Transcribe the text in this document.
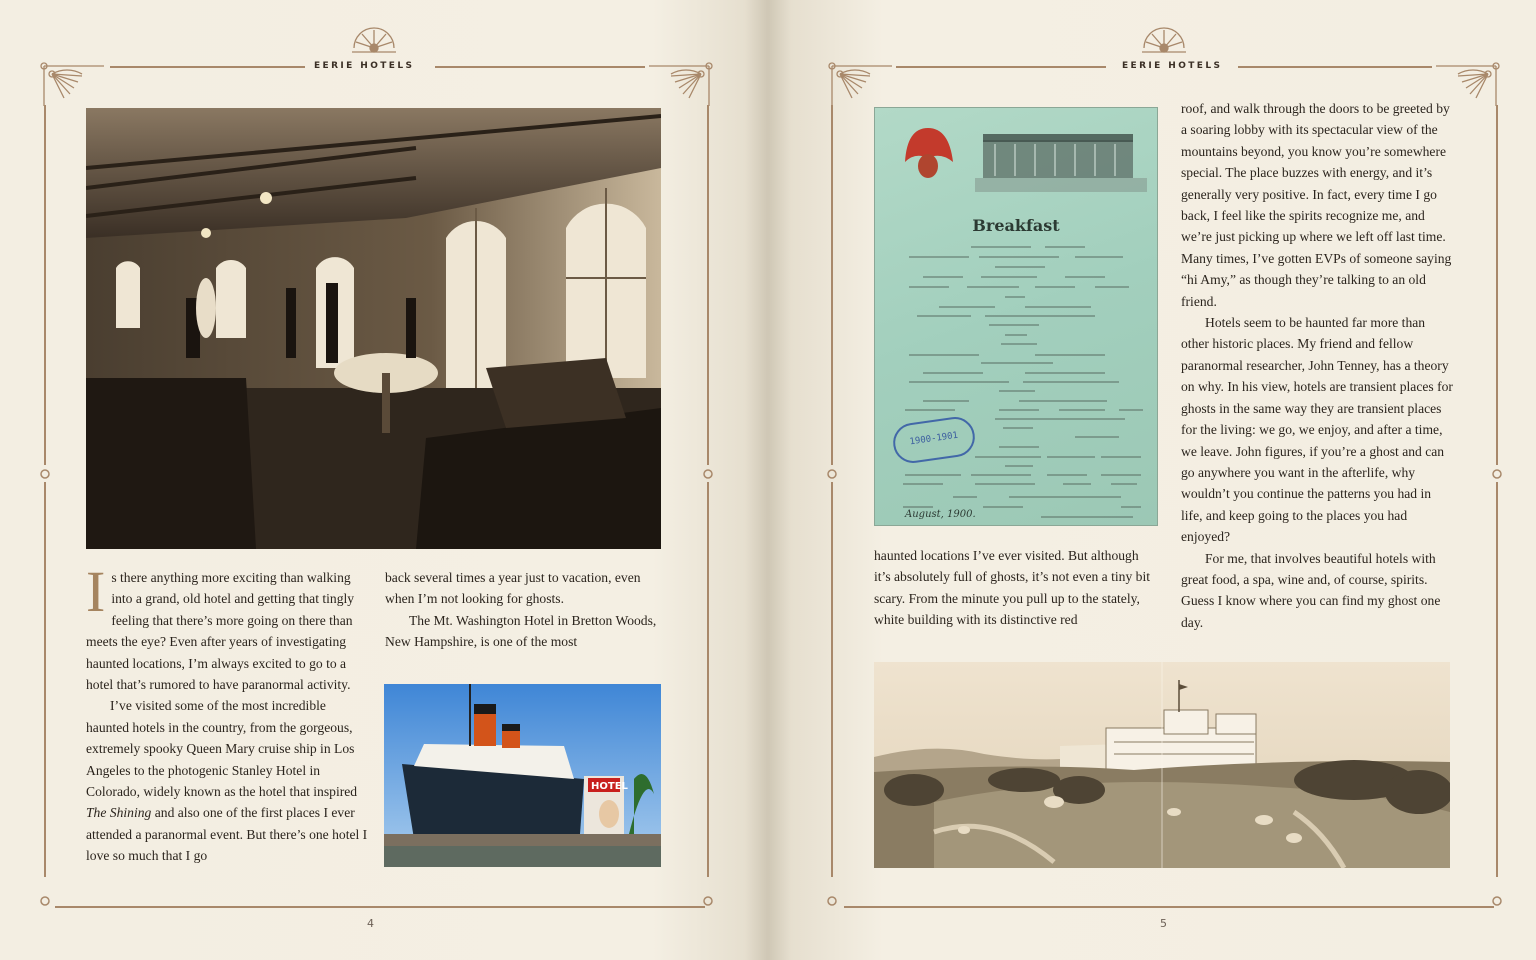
EERIE HOTELS

Is there anything more exciting than walking into a grand, old hotel and getting that tingly feeling that there’s more going on there than meets the eye? Even after years of investigating haunted locations, I’m always excited to go to a hotel that’s rumored to have paranormal activity.

I’ve visited some of the most incredible haunted hotels in the country, from the gorgeous, extremely spooky Queen Mary cruise ship in Los Angeles to the photogenic Stanley Hotel in Colorado, widely known as the hotel that inspired The Shining and also one of the first places I ever attended a paranormal event. But there’s one hotel I love so much that I go

back several times a year just to vacation, even when I’m not looking for ghosts.

The Mt. Washington Hotel in Bretton Woods, New Hampshire, is one of the most

HOTEL
4
EERIE HOTELS

haunted locations I’ve ever visited. But although it’s absolutely full of ghosts, it’s not even a tiny bit scary. From the minute you pull up to the stately, white building with its distinctive red

roof, and walk through the doors to be greeted by a soaring lobby with its spectacular view of the mountains beyond, you know you’re somewhere special. The place buzzes with energy, and it’s generally very positive. In fact, every time I go back, I feel like the spirits recognize me, and we’re just picking up where we left off last time. Many times, I’ve gotten EVPs of someone saying “hi Amy,” as though they’re talking to an old friend.

Hotels seem to be haunted far more than other historic places. My friend and fellow paranormal researcher, John Tenney, has a theory on why. In his view, hotels are transient places for ghosts in the same way they are transient places for the living: we go, we enjoy, and after a time, we leave. John figures, if you’re a ghost and can go anywhere you want in the afterlife, why wouldn’t you continue the patterns you had in life, and keep going to the places you had enjoyed?

For me, that involves beautiful hotels with great food, a spa, wine and, of course, spirits. Guess I know where you can find my ghost one day.

5
Breakfast
1900-1901
August, 1900.
